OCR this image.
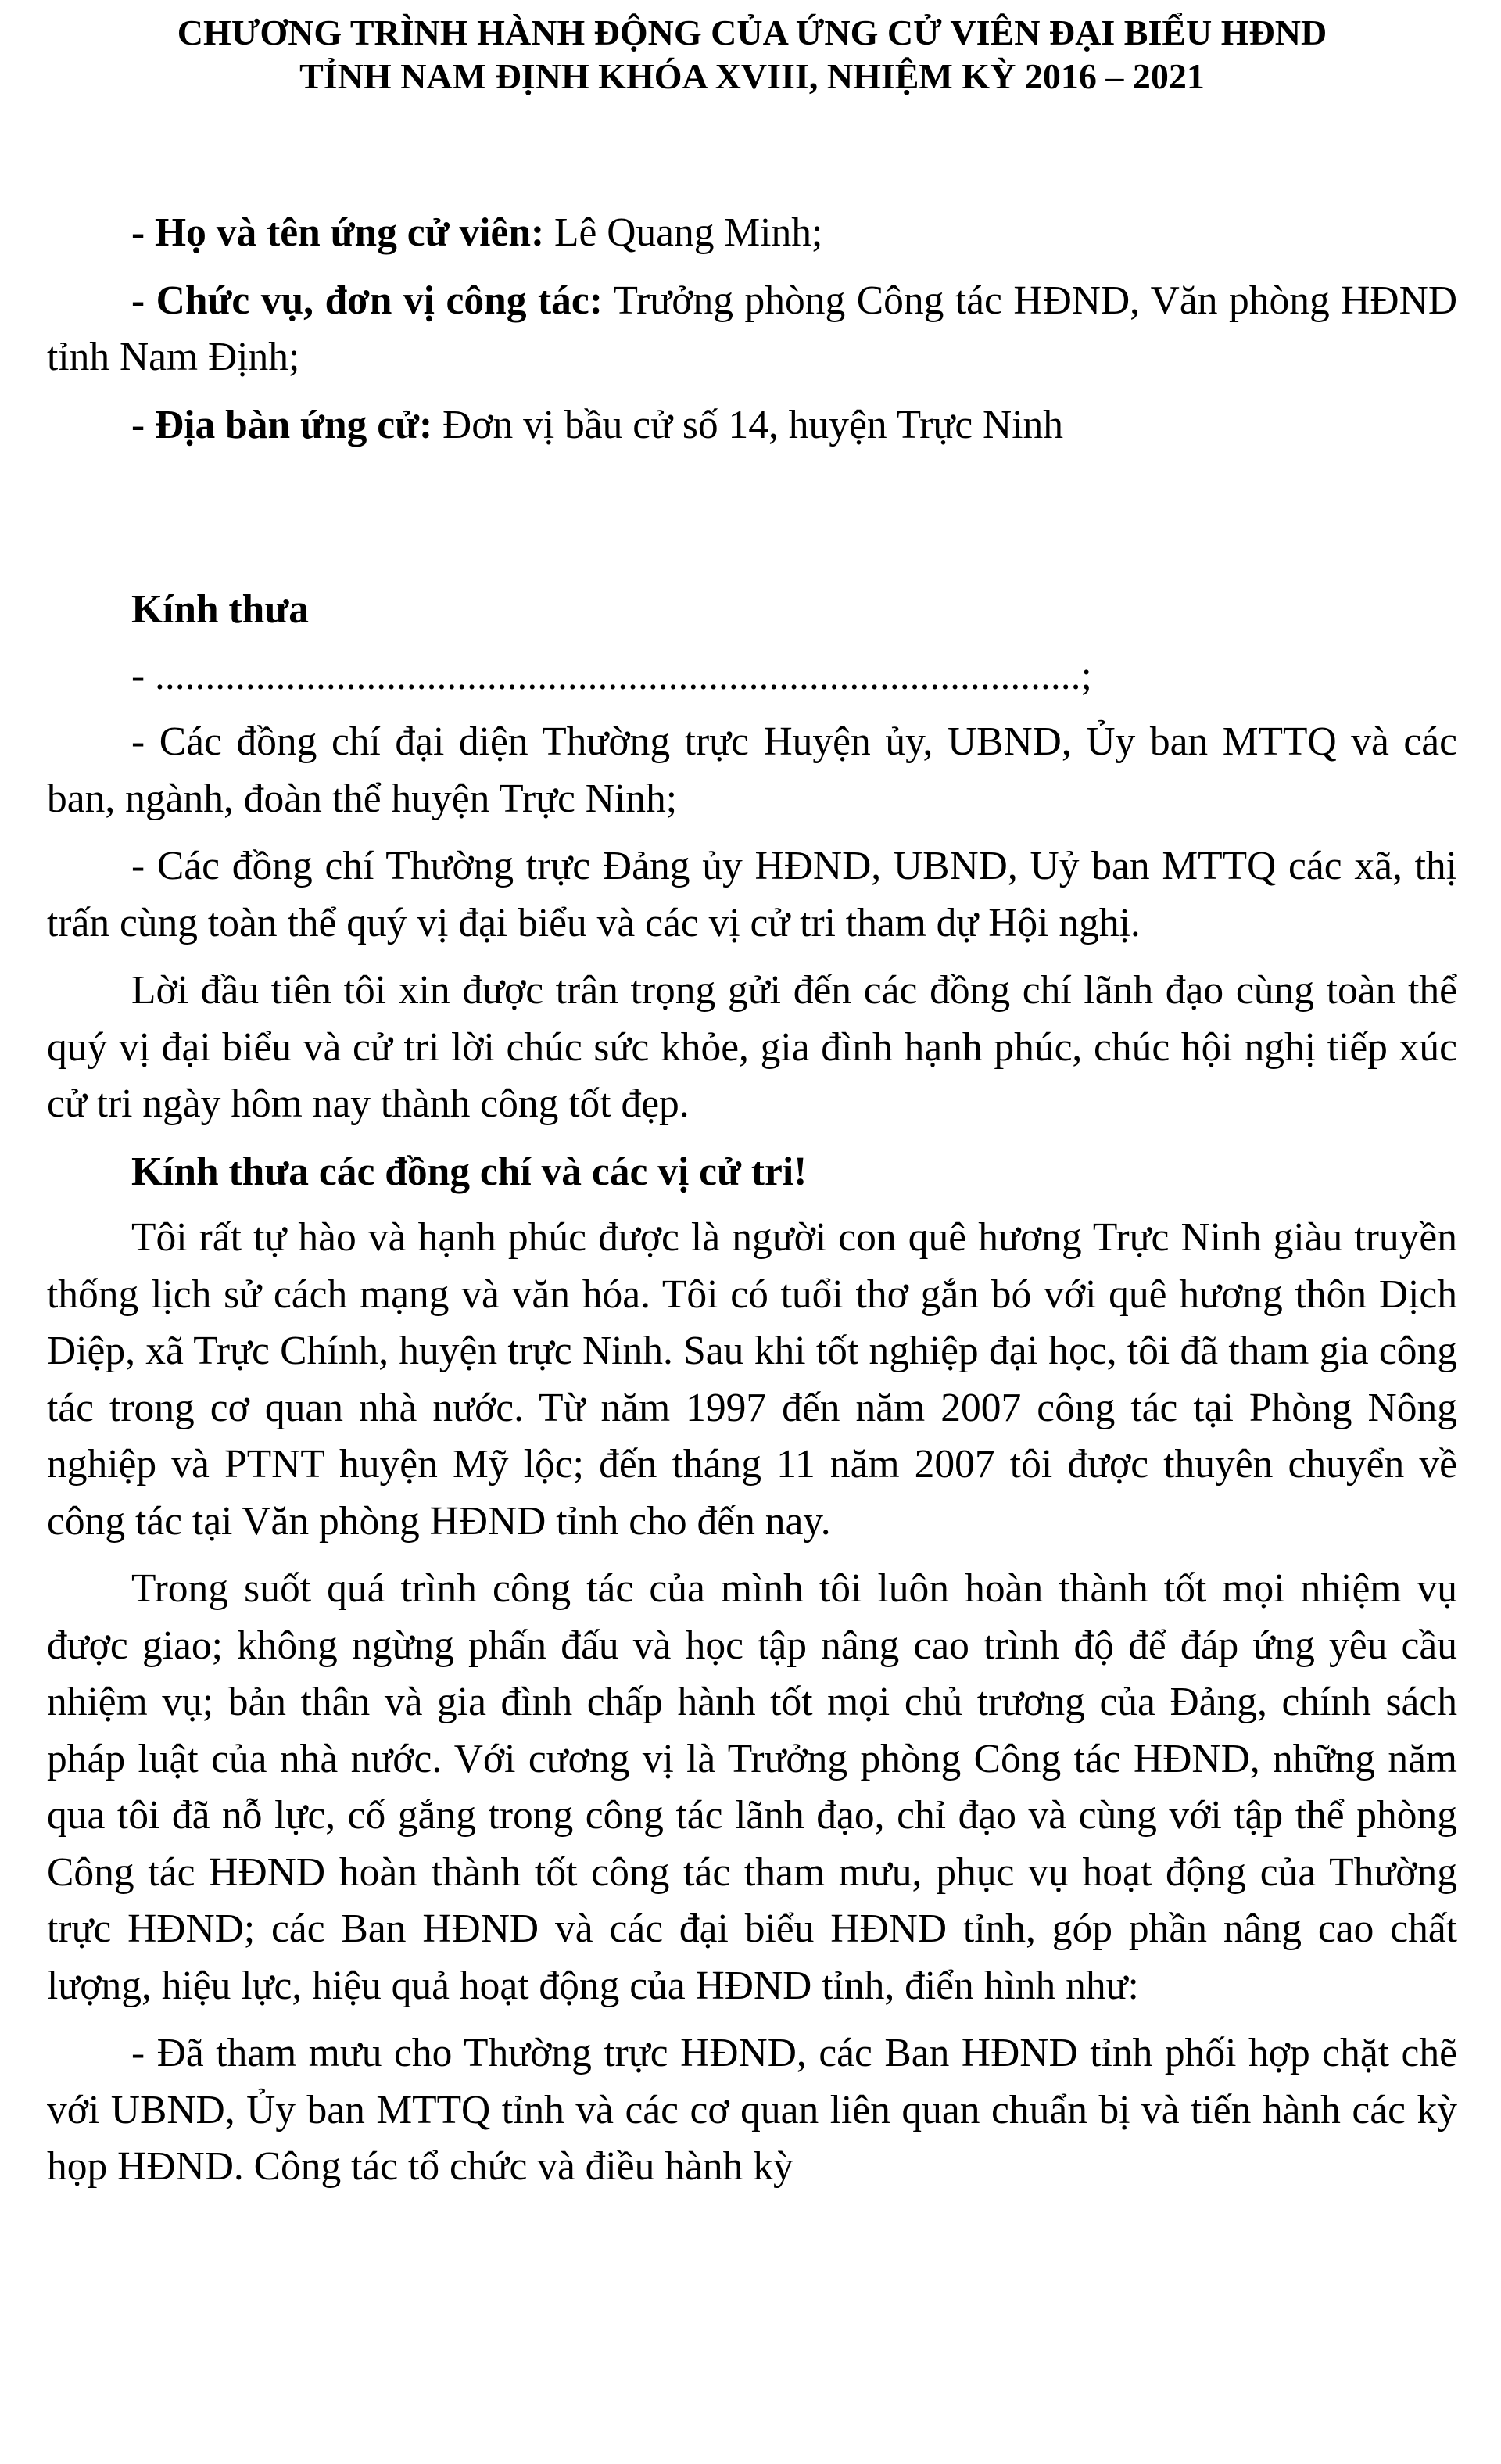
CHƯƠNG TRÌNH HÀNH ĐỘNG CỦA ỨNG CỬ VIÊN ĐẠI BIỂU HĐND
TỈNH NAM ĐỊNH KHÓA XVIII, NHIỆM KỲ 2016 – 2021

- Họ và tên ứng cử viên: Lê Quang Minh;

- Chức vụ, đơn vị công tác: Trưởng phòng Công tác HĐND, Văn phòng HĐND tỉnh Nam Định;

- Địa bàn ứng cử: Đơn vị bầu cử số 14, huyện Trực Ninh

Kính thưa
- ............................................................................................;

- Các đồng chí đại diện Thường trực Huyện ủy, UBND, Ủy ban MTTQ và các ban, ngành, đoàn thể huyện Trực Ninh;

- Các đồng chí Thường trực Đảng ủy HĐND, UBND, Uỷ ban MTTQ các xã, thị trấn cùng toàn thể quý vị đại biểu và các vị cử tri tham dự Hội nghị.

Lời đầu tiên tôi xin được trân trọng gửi đến các đồng chí lãnh đạo cùng toàn thể quý vị đại biểu và cử tri lời chúc sức khỏe, gia đình hạnh phúc, chúc hội nghị tiếp xúc cử tri ngày hôm nay thành công tốt đẹp.

Kính thưa các đồng chí và các vị cử tri!

Tôi rất tự hào và hạnh phúc được là người con quê hương Trực Ninh giàu truyền thống lịch sử cách mạng và văn hóa. Tôi có tuổi thơ gắn bó với quê hương thôn Dịch Diệp, xã Trực Chính, huyện trực Ninh. Sau khi tốt nghiệp đại học, tôi đã tham gia công tác trong cơ quan nhà nước. Từ năm 1997 đến năm 2007 công tác tại Phòng Nông nghiệp và PTNT huyện Mỹ lộc; đến tháng 11 năm 2007 tôi được thuyên chuyển về công tác tại Văn phòng HĐND tỉnh cho đến nay.

Trong suốt quá trình công tác của mình tôi luôn hoàn thành tốt mọi nhiệm vụ được giao; không ngừng phấn đấu và học tập nâng cao trình độ để đáp ứng yêu cầu nhiệm vụ; bản thân và gia đình chấp hành tốt mọi chủ trương của Đảng, chính sách pháp luật của nhà nước. Với cương vị là Trưởng phòng Công tác HĐND, những năm qua tôi đã nỗ lực, cố gắng trong công tác lãnh đạo, chỉ đạo và cùng với tập thể phòng Công tác HĐND hoàn thành tốt công tác tham mưu, phục vụ hoạt động của Thường trực HĐND; các Ban HĐND và các đại biểu HĐND tỉnh, góp phần nâng cao chất lượng, hiệu lực, hiệu quả hoạt động của HĐND tỉnh, điển hình như:

- Đã tham mưu cho Thường trực HĐND, các Ban HĐND tỉnh phối hợp chặt chẽ với UBND, Ủy ban MTTQ tỉnh và các cơ quan liên quan chuẩn bị và tiến hành các kỳ họp HĐND. Công tác tổ chức và điều hành kỳ
